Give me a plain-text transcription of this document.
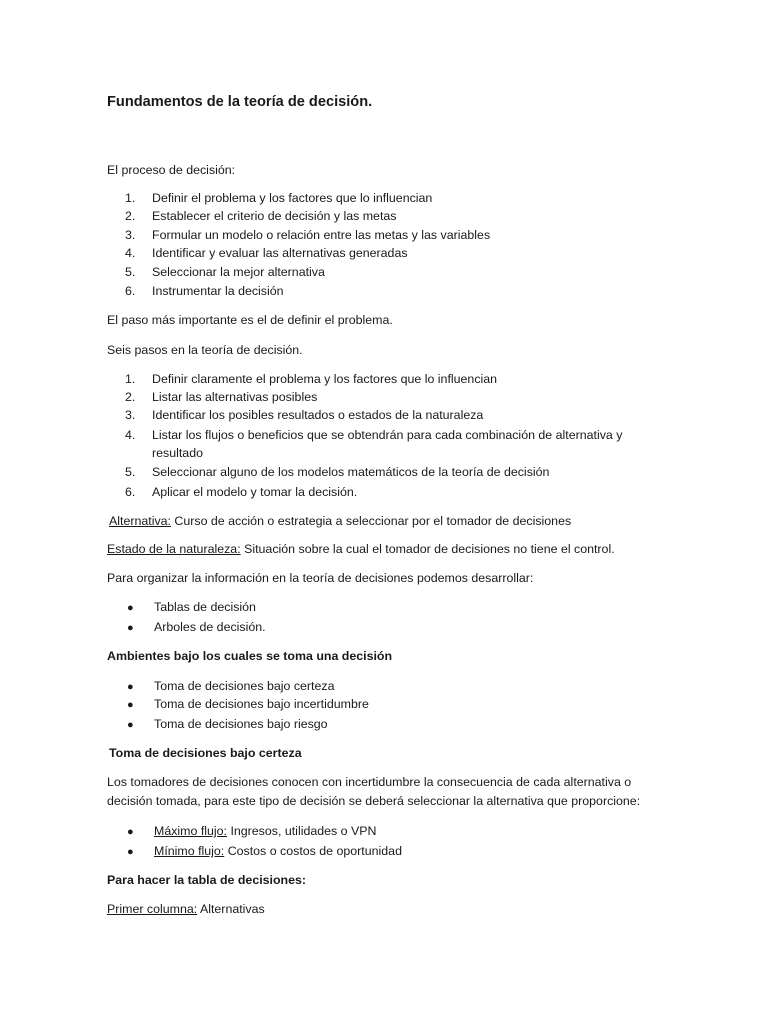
Fundamentos de la teoría de decisión.
El proceso de decisión:
1. Definir el problema y los factores que lo influencian
2. Establecer el criterio de decisión y las metas
3. Formular un modelo o relación entre las metas y las variables
4. Identificar y evaluar las alternativas generadas
5. Seleccionar la mejor alternativa
6. Instrumentar la decisión
El paso más importante es el de definir el problema.
Seis pasos en la teoría de decisión.
1. Definir claramente el problema y los factores que lo influencian
2. Listar las alternativas posibles
3. Identificar los posibles resultados o estados de la naturaleza
4. Listar los flujos o beneficios que se obtendrán para cada combinación de alternativa y
resultado
5. Seleccionar alguno de los modelos matemáticos de la teoría de decisión
6. Aplicar el modelo y tomar la decisión.
Alternativa: Curso de acción o estrategia a seleccionar por el tomador de decisiones
Estado de la naturaleza: Situación sobre la cual el tomador de decisiones no tiene el control.
Para organizar la información en la teoría de decisiones podemos desarrollar:
● Tablas de decisión
● Arboles de decisión.
Ambientes bajo los cuales se toma una decisión
● Toma de decisiones bajo certeza
● Toma de decisiones bajo incertidumbre
● Toma de decisiones bajo riesgo
Toma de decisiones bajo certeza
Los tomadores de decisiones conocen con incertidumbre la consecuencia de cada alternativa o
decisión tomada, para este tipo de decisión se deberá seleccionar la alternativa que proporcione:
● Máximo flujo: Ingresos, utilidades o VPN
● Mínimo flujo: Costos o costos de oportunidad
Para hacer la tabla de decisiones:
Primer columna: Alternativas
